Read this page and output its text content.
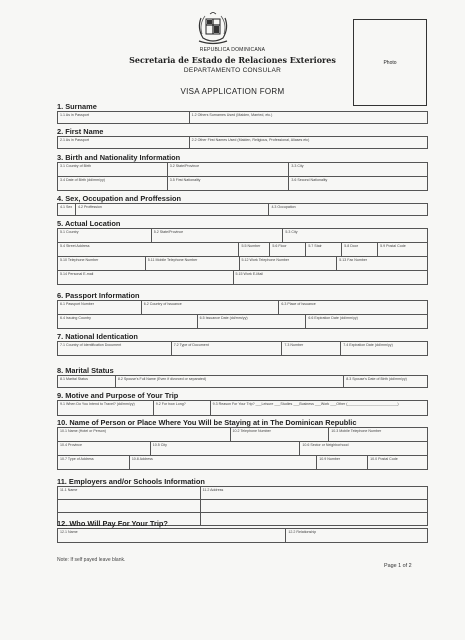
REPUBLICA DOMINICANA
Secretaria de Estado de Relaciones Exteriores
DEPARTAMENTO CONSULAR
VISA APPLICATION FORM
Photo
1. Surname
1.1 As in Passport	1.2 Others Surnames Used (Maiden, Married, etc.)
2. First Name
2.1 As in Passport	2.2 Other First Names Used (Maiden, Religious, Professional, Aliases etc)
3. Birth and Nationality Information
3.1 Country of Birth	3.2 State/Province	3.3 City
3.4 Date of Birth (dd/mm/yy)	3.5 First Nationality	3.6 Second Nationality
4. Sex, Occupation and Proffession
4.1 Sex	4.2 Proffession	4.3 Occupation
5. Actual Location
5.1 Country	5.2 State/Province	5.3 City
5.4 Street Address	5.5 Number	5.6 Floor	5.7 Stair	5.8 Door	5.9 Postal Code
5.10 Telephone Number	5.11 Mobile Telephone Number	5.12 Work Telephone Number	5.13 Fax Number
5.14 Personal E-mail	5.15 Work E-Mail
6. Passport Information
6.1 Passport Number	6.2 Country of Issuance	6.3 Place of Issuance
6.4 Issuing Country	6.5 Issuance Date (dd/mm/yy)	6.6 Expiration Date (dd/mm/yy)
7. National Identication
7.1 Country of Identification Document	7.2 Type of Document	7.3 Number	7.4 Expiration Date (dd/mm/yy)
8. Marital Status
8.1 Marital Status	8.2 Spouse's Full Name (Even if divorced or separated)	8.3 Spouse's Date of Birth (dd/mm/yy)
9. Motive and Purpose of Your Trip
9.1 When Do You Intend to Travel? (dd/mm/yy)	9.2 For how Long?	9.3 Reason For Your Trip? ___Leisure ___Studies ___Business ___Work ___Other (_________________________)
10. Name of Person or Place Where You Will be Staying at in The Dominican Republic
10.1 Name (Hotel or Person)	10.2 Telephone Number	10.3 Mobile Telephone Number
10.4 Province	10.5 City	10.6 Sector or Neighborhood
10.7 Type of Address	10.8 Address	10.9 Number	10.0 Postal Code
11. Employers and/or Schools Information
11.1 Name	11.2 Address
12. Who Will Pay For Your Trip?
12.1 Name	12.2 Relationship
Note: If self payed leave blank.
Page 1 of 2
